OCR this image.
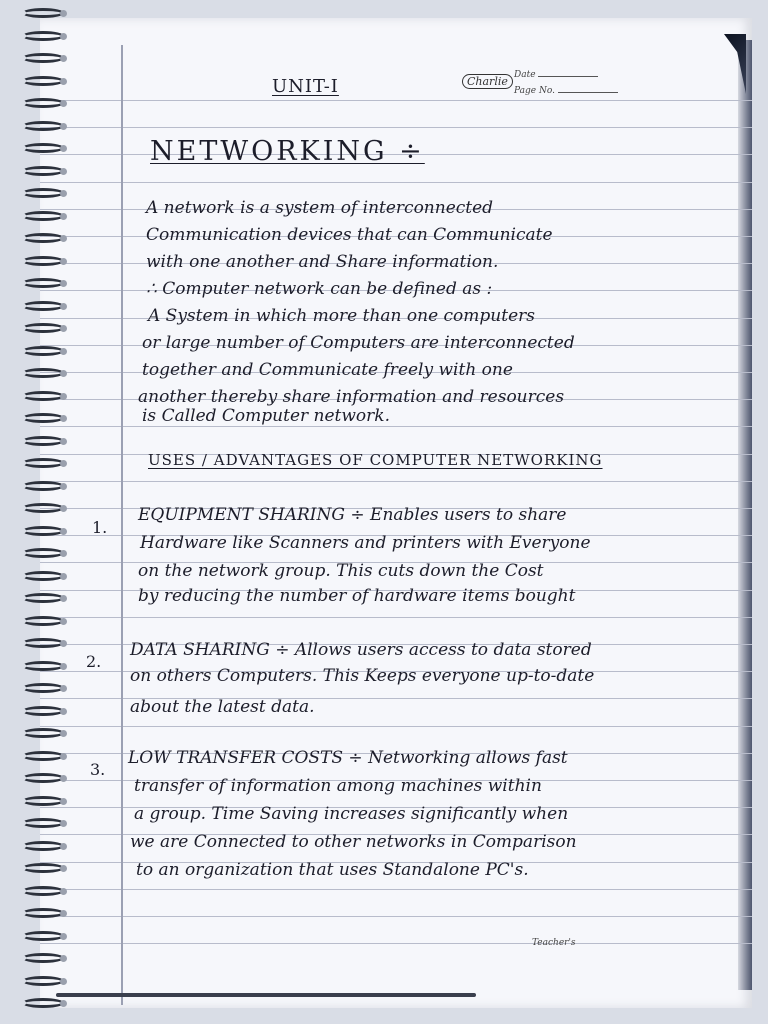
Charlie Date
Page No.
UNIT-I
NETWORKING ÷
A network is a system of interconnected
Communication devices that can Communicate
with one another and Share information.
∴ Computer network can be defined as :
A System in which more than one computers
or large number of Computers are interconnected
together and Communicate freely with one
another thereby share information and resources
is Called Computer network.
USES / ADVANTAGES OF COMPUTER NETWORKING
1.
EQUIPMENT SHARING ÷ Enables users to share
Hardware like Scanners and printers with Everyone
on the network group. This cuts down the Cost
by reducing the number of hardware items bought
2.
DATA SHARING ÷ Allows users access to data stored
on others Computers. This Keeps everyone up-to-date
about the latest data.
3.
LOW TRANSFER COSTS ÷ Networking allows fast
transfer of information among machines within
a group. Time Saving increases significantly when
we are Connected to other networks in Comparison
to an organization that uses Standalone PC's.
Teacher's
